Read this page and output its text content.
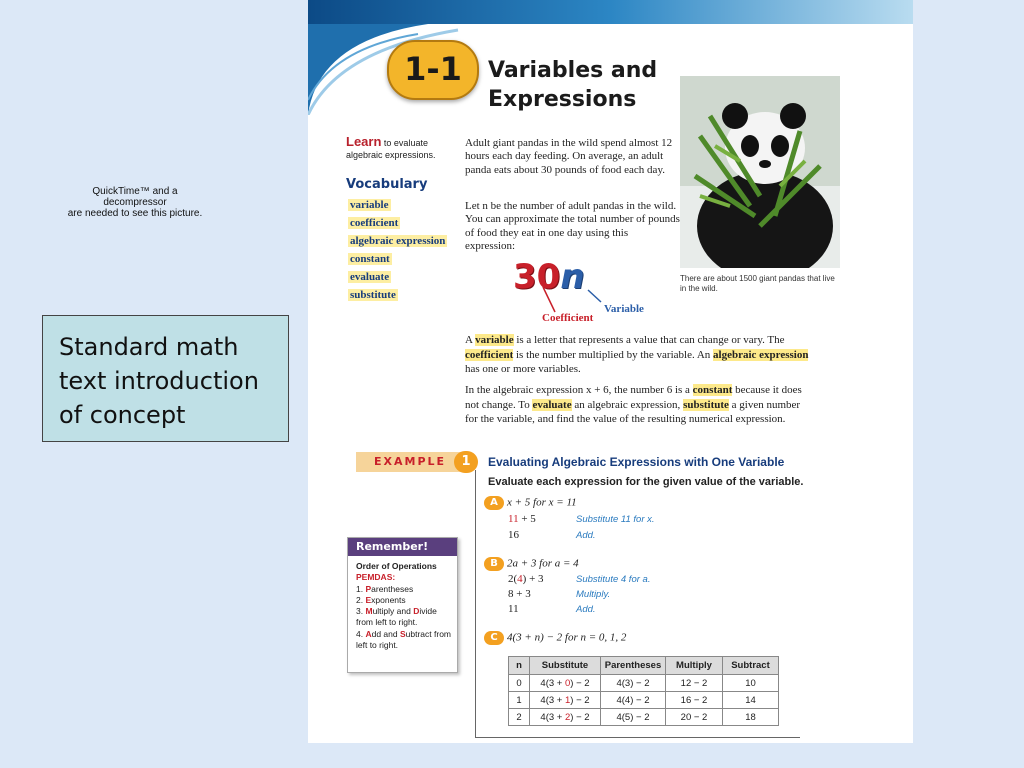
QuickTime™ and a
decompressor
are needed to see this picture.
Standard math text introduction of concept
1-1	Variables and
Expressions
Learn to evaluate algebraic expressions.
Vocabulary
variable
coefficient
algebraic expression
constant
evaluate
substitute
Adult giant pandas in the wild spend almost 12 hours each day feeding. On average, an adult panda eats about 30 pounds of food each day.
Let n be the number of adult pandas in the wild. You can approximate the total number of pounds of food they eat in one day using this expression:
There are about 1500 giant pandas that live in the wild.
30n
Coefficient
Variable
A variable is a letter that represents a value that can change or vary. The coefficient is the number multiplied by the variable. An algebraic expression has one or more variables.
In the algebraic expression x + 6, the number 6 is a constant because it does not change. To evaluate an algebraic expression, substitute a given number for the variable, and find the value of the resulting numerical expression.
EXAMPLE	1	Evaluating Algebraic Expressions with One Variable
Evaluate each expression for the given value of the variable.
A x + 5 for x = 11
11 + 5	Substitute 11 for x.
16	Add.
B 2a + 3 for a = 4
2(4) + 3	Substitute 4 for a.
8 + 3	Multiply.
11	Add.
C 4(3 + n) − 2 for n = 0, 1, 2
n	Substitute	Parentheses	Multiply	Subtract
0	4(3 + 0) − 2	4(3) − 2	12 − 2	10
1	4(3 + 1) − 2	4(4) − 2	16 − 2	14
2	4(3 + 2) − 2	4(5) − 2	20 − 2	18
Remember!
Order of Operations
PEMDAS:
1. Parentheses
2. Exponents
3. Multiply and Divide from left to right.
4. Add and Subtract from left to right.
